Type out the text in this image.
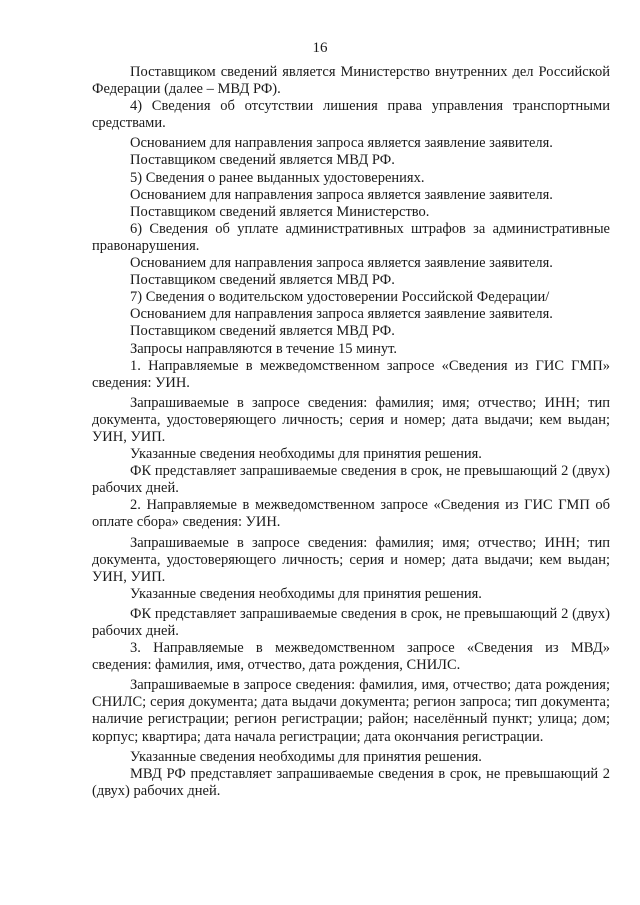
16

Поставщиком сведений является Министерство внутренних дел Российской Федерации (далее – МВД РФ).

4) Сведения об отсутствии лишения права управления транспортными средствами.

Основанием для направления запроса является заявление заявителя.

Поставщиком сведений является МВД РФ.

5) Сведения о ранее выданных удостоверениях.

Основанием для направления запроса является заявление заявителя.

Поставщиком сведений является Министерство.

6) Сведения об уплате административных штрафов за административные правонарушения.

Основанием для направления запроса является заявление заявителя.

Поставщиком сведений является МВД РФ.

7) Сведения о водительском удостоверении Российской Федерации/

Основанием для направления запроса является заявление заявителя.

Поставщиком сведений является МВД РФ.

Запросы направляются в течение 15 минут.

1. Направляемые в межведомственном запросе «Сведения из ГИС ГМП» сведения: УИН.

Запрашиваемые в запросе сведения: фамилия; имя; отчество; ИНН; тип документа, удостоверяющего личность; серия и номер; дата выдачи; кем выдан; УИН, УИП.

Указанные сведения необходимы для принятия решения.

ФК представляет запрашиваемые сведения в срок, не превышающий 2 (двух) рабочих дней.

2. Направляемые в межведомственном запросе «Сведения из ГИС ГМП об оплате сбора» сведения: УИН.

Запрашиваемые в запросе сведения: фамилия; имя; отчество; ИНН; тип документа, удостоверяющего личность; серия и номер; дата выдачи; кем выдан; УИН, УИП.

Указанные сведения необходимы для принятия решения.

ФК представляет запрашиваемые сведения в срок, не превышающий 2 (двух) рабочих дней.

3. Направляемые в межведомственном запросе «Сведения из МВД» сведения: фамилия, имя, отчество, дата рождения, СНИЛС.

Запрашиваемые в запросе сведения: фамилия, имя, отчество; дата рождения; СНИЛС; серия документа; дата выдачи документа; регион запроса; тип документа; наличие регистрации; регион регистрации; район; населённый пункт; улица; дом; корпус; квартира; дата начала регистрации; дата окончания регистрации.

Указанные сведения необходимы для принятия решения.

МВД РФ представляет запрашиваемые сведения в срок, не превышающий 2 (двух) рабочих дней.
